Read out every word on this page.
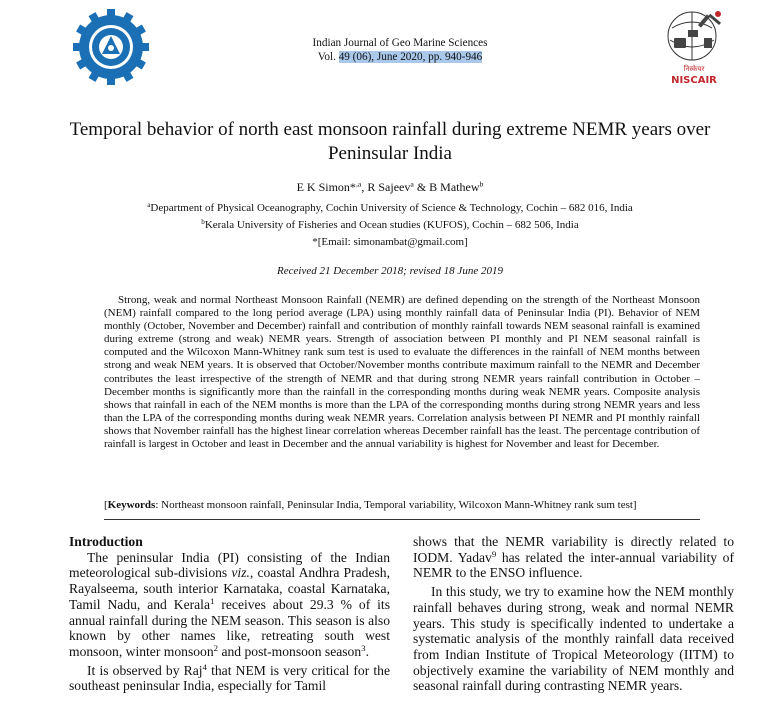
Indian Journal of Geo Marine Sciences
Vol. 49 (06), June 2020, pp. 940-946
निस्केयर
NISCAIR
Temporal behavior of north east monsoon rainfall during extreme NEMR years over Peninsular India
E K Simon*$^{,a}$, R Sajeev$^a$ & B Mathew$^b$
$^a$Department of Physical Oceanography, Cochin University of Science & Technology, Cochin – 682 016, India
$^b$Kerala University of Fisheries and Ocean studies (KUFOS), Cochin – 682 506, India
*[Email: simonambat@gmail.com]
Received 21 December 2018; revised 18 June 2019
Strong, weak and normal Northeast Monsoon Rainfall (NEMR) are defined depending on the strength of the Northeast Monsoon (NEM) rainfall compared to the long period average (LPA) using monthly rainfall data of Peninsular India (PI). Behavior of NEM monthly (October, November and December) rainfall and contribution of monthly rainfall towards NEM seasonal rainfall is examined during extreme (strong and weak) NEMR years. Strength of association between PI monthly and PI NEM seasonal rainfall is computed and the Wilcoxon Mann-Whitney rank sum test is used to evaluate the differences in the rainfall of NEM months between strong and weak NEM years. It is observed that October/November months contribute maximum rainfall to the NEMR and December contributes the least irrespective of the strength of NEMR and that during strong NEMR years rainfall contribution in October – December months is significantly more than the rainfall in the corresponding months during weak NEMR years. Composite analysis shows that rainfall in each of the NEM months is more than the LPA of the corresponding months during strong NEMR years and less than the LPA of the corresponding months during weak NEMR years. Correlation analysis between PI NEMR and PI monthly rainfall shows that November rainfall has the highest linear correlation whereas December rainfall has the least. The percentage contribution of rainfall is largest in October and least in December and the annual variability is highest for November and least for December.
[Keywords: Northeast monsoon rainfall, Peninsular India, Temporal variability, Wilcoxon Mann-Whitney rank sum test]
Introduction

The peninsular India (PI) consisting of the Indian meteorological sub-divisions viz., coastal Andhra Pradesh, Rayalseema, south interior Karnataka, coastal Karnataka, Tamil Nadu, and Kerala$^1$ receives about 29.3 % of its annual rainfall during the NEM season. This season is also known by other names like, retreating south west monsoon, winter monsoon$^2$ and post-monsoon season$^3$.

It is observed by Raj$^4$ that NEM is very critical for the southeast peninsular India, especially for Tamil

shows that the NEMR variability is directly related to IODM. Yadav$^9$ has related the inter-annual variability of NEMR to the ENSO influence.

In this study, we try to examine how the NEM monthly rainfall behaves during strong, weak and normal NEMR years. This study is specifically indented to undertake a systematic analysis of the monthly rainfall data received from Indian Institute of Tropical Meteorology (IITM) to objectively examine the variability of NEM monthly and seasonal rainfall during contrasting NEMR years.
